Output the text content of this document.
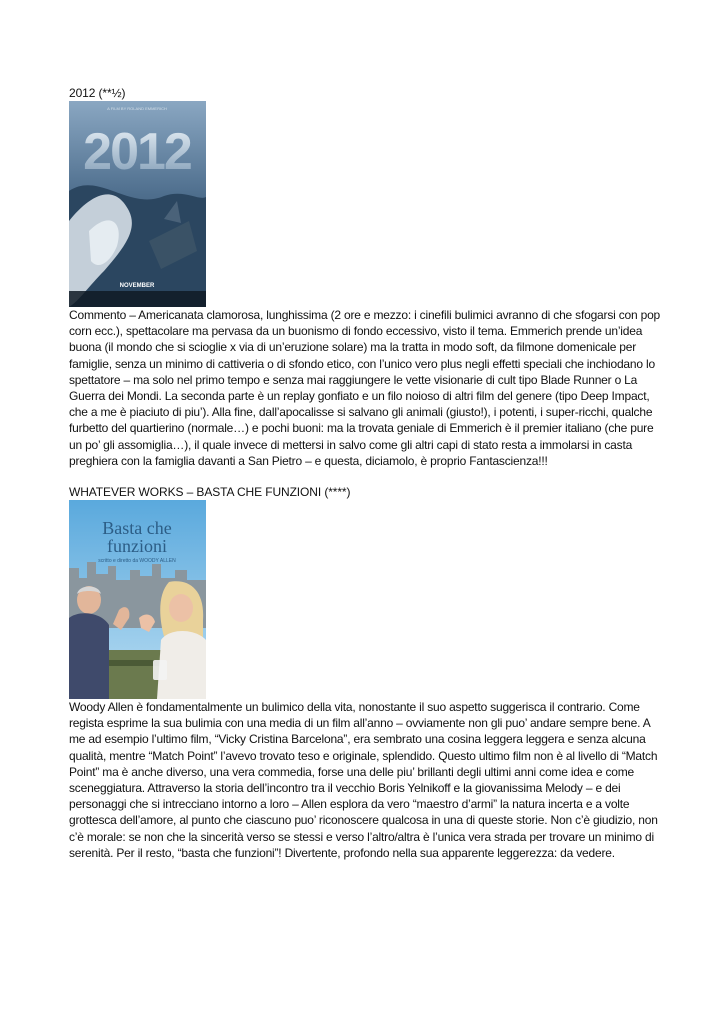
2012 (**½)

A FILM BY ROLAND EMMERICH
2012
NOVEMBER

Commento – Americanata clamorosa, lunghissima (2 ore e mezzo: i cinefili bulimici avranno di che sfogarsi con pop corn ecc.), spettacolare ma pervasa da un buonismo di fondo eccessivo, visto il tema. Emmerich prende un’idea buona (il mondo che si scioglie x via di un’eruzione solare) ma la tratta in modo soft, da filmone domenicale per famiglie, senza un minimo di cattiveria o di sfondo etico, con l’unico vero plus negli effetti speciali che inchiodano lo spettatore – ma solo nel primo tempo e senza mai raggiungere le vette visionarie di cult tipo Blade Runner o La Guerra dei Mondi. La seconda parte è un replay gonfiato e un filo noioso di altri film del genere (tipo Deep Impact, che a me è piaciuto di piu’). Alla fine, dall’apocalisse si salvano gli animali (giusto!), i potenti, i super-ricchi, qualche furbetto del quartierino (normale…) e pochi buoni: ma la trovata geniale di Emmerich è il premier italiano (che pure un po’ gli assomiglia…), il quale invece di mettersi in salvo come gli altri capi di stato resta a immolarsi in casta preghiera con la famiglia davanti a San Pietro – e questa, diciamolo, è proprio Fantascienza!!!

WHATEVER WORKS – BASTA CHE FUNZIONI (****)

Basta che
funzioni
scritto e diretto da WOODY ALLEN

Woody Allen è fondamentalmente un bulimico della vita, nonostante il suo aspetto suggerisca il contrario. Come regista esprime la sua bulimia con una media di un film all’anno – ovviamente non gli puo’ andare sempre bene. A me ad esempio l’ultimo film, “Vicky Cristina Barcelona”, era sembrato una cosina leggera leggera e senza alcuna qualità, mentre “Match Point” l’avevo trovato teso e originale, splendido. Questo ultimo film non è al livello di “Match Point” ma è anche diverso, una vera commedia, forse una delle piu’ brillanti degli ultimi anni come idea e come sceneggiatura. Attraverso la storia dell’incontro tra il vecchio Boris Yelnikoff e la giovanissima Melody – e dei personaggi che si intrecciano intorno a loro – Allen esplora da vero “maestro d’armi” la natura incerta e a volte grottesca dell’amore, al punto che ciascuno puo’ riconoscere qualcosa in una di queste storie. Non c’è giudizio, non c’è morale: se non che la sincerità verso se stessi e verso l’altro/altra è l’unica vera strada per trovare un minimo di serenità. Per il resto, “basta che funzioni”! Divertente, profondo nella sua apparente leggerezza: da vedere.
